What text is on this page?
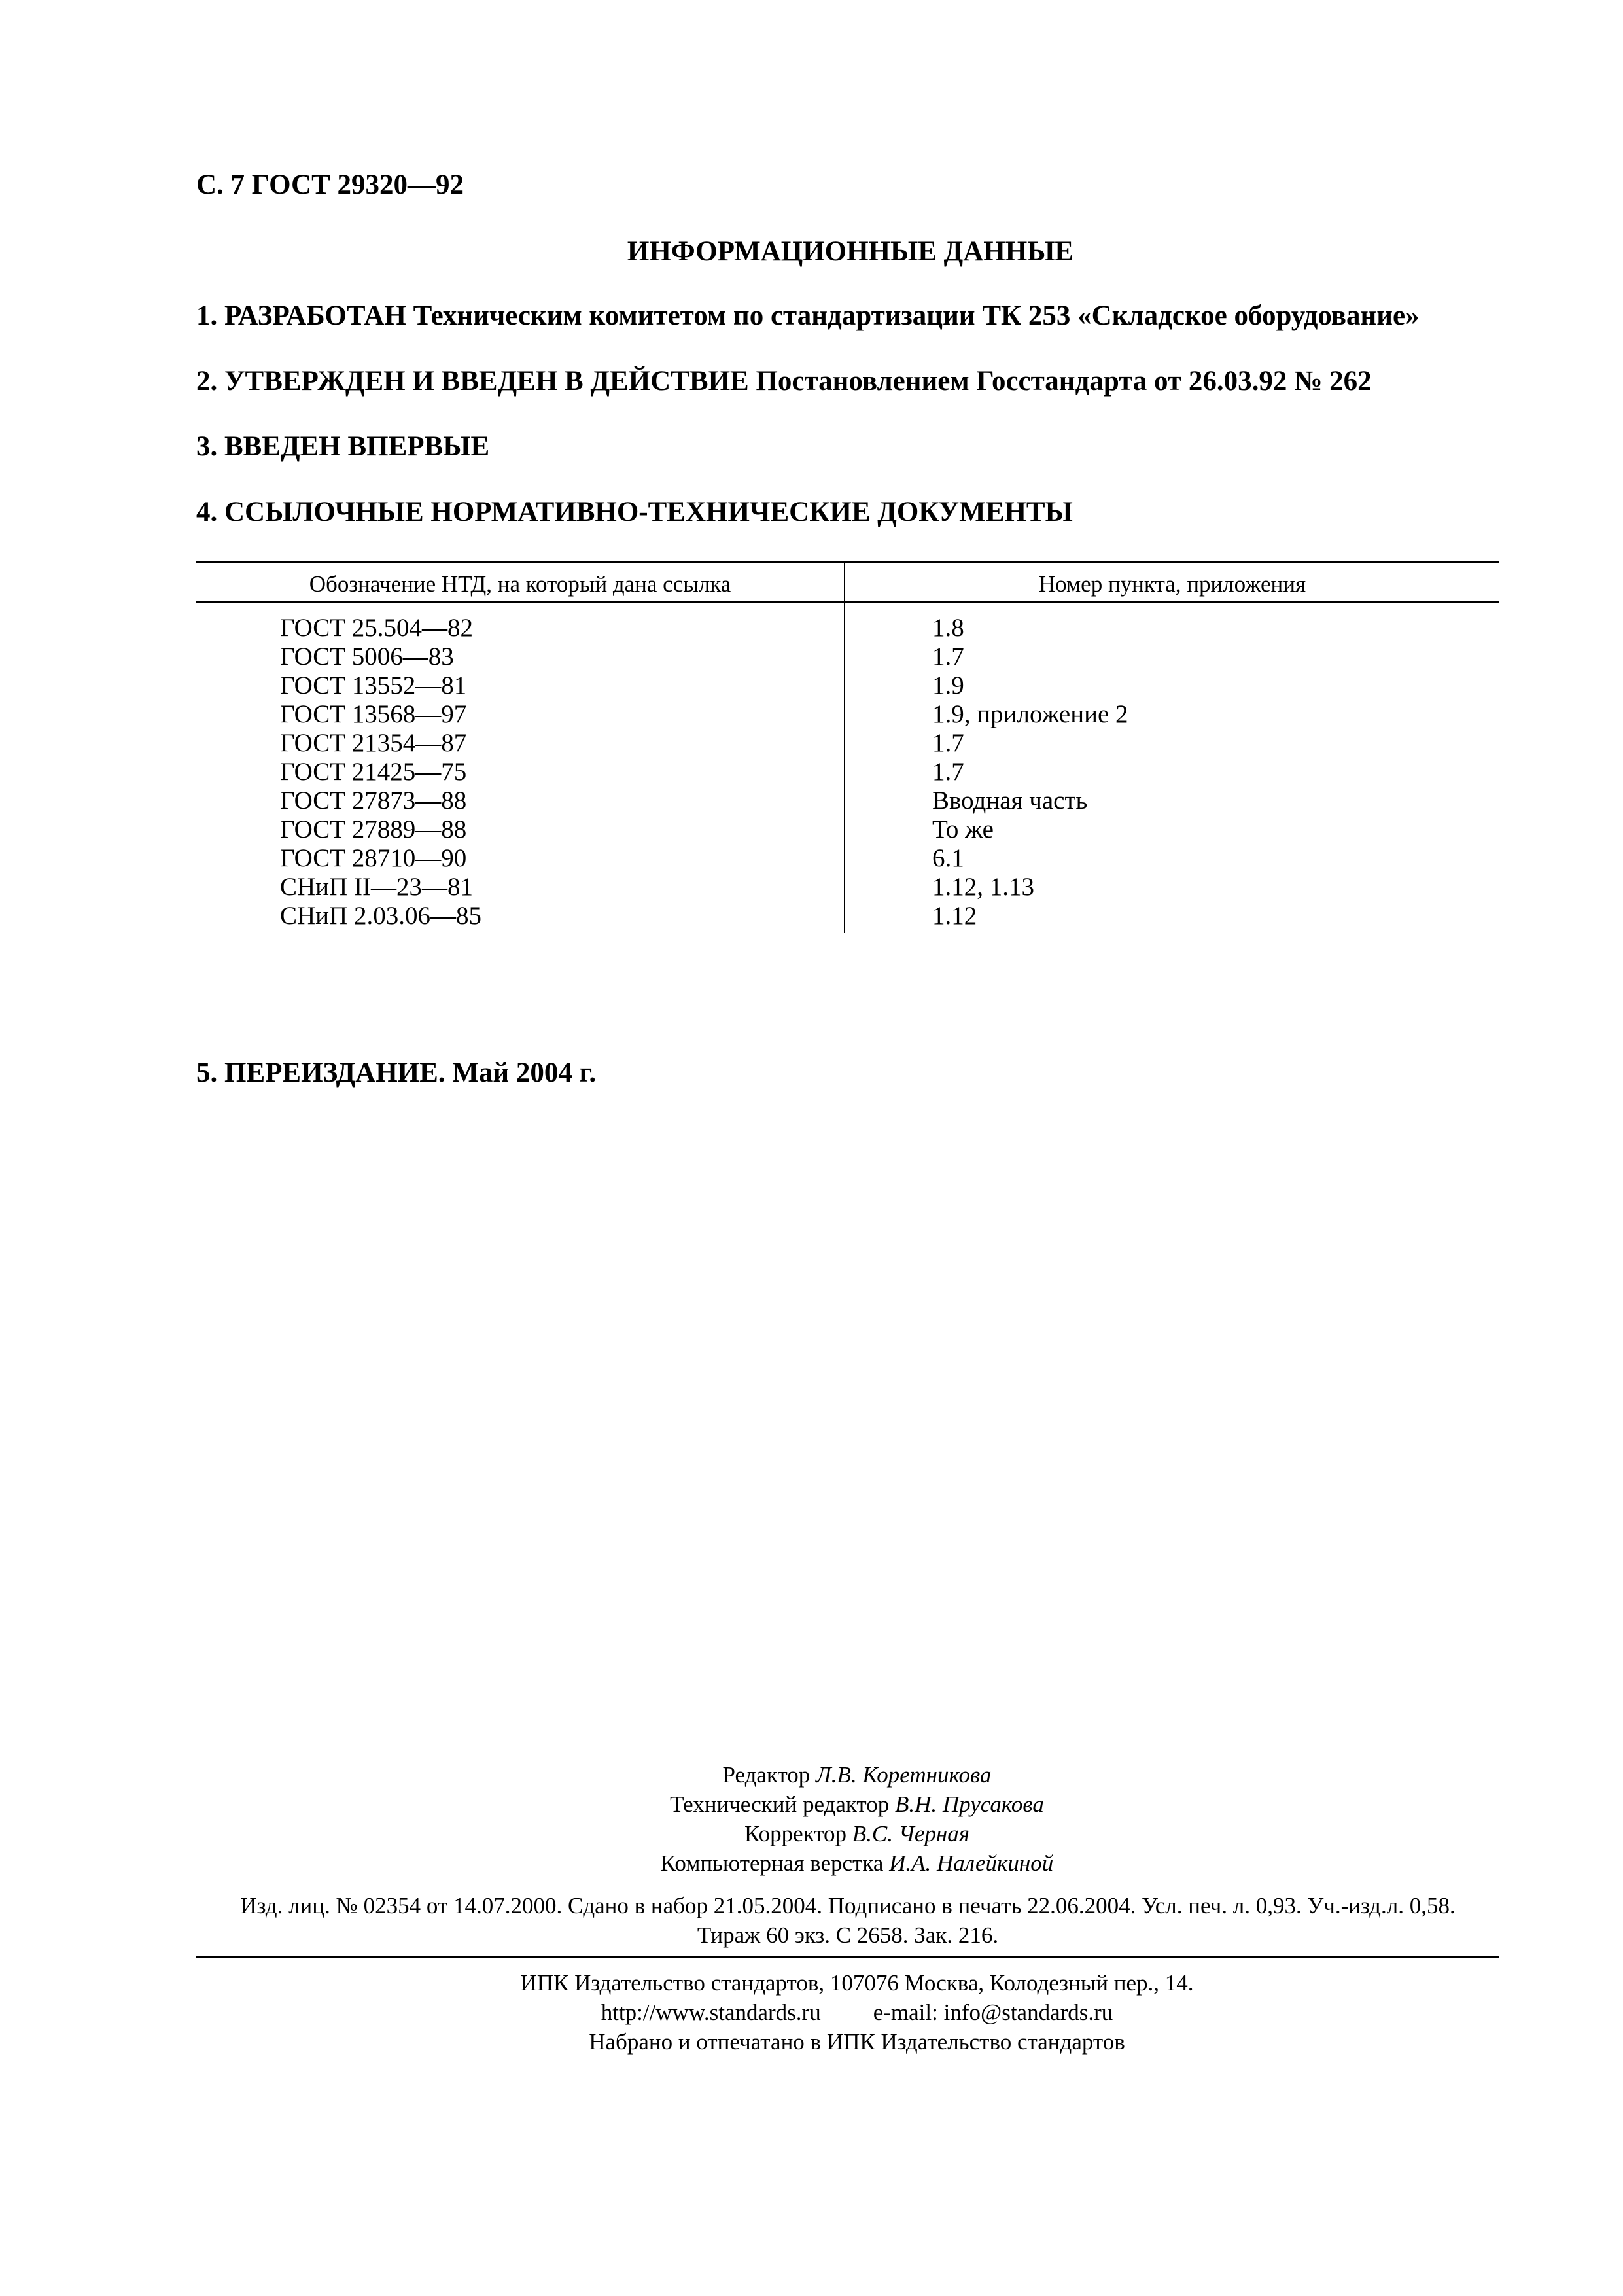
С. 7 ГОСТ 29320—92
ИНФОРМАЦИОННЫЕ ДАННЫЕ
1. РАЗРАБОТАН Техническим комитетом по стандартизации ТК 253 «Складское оборудование»
2. УТВЕРЖДЕН И ВВЕДЕН В ДЕЙСТВИЕ Постановлением Госстандарта от 26.03.92 № 262
3. ВВЕДЕН ВПЕРВЫЕ
4. ССЫЛОЧНЫЕ НОРМАТИВНО-ТЕХНИЧЕСКИЕ ДОКУМЕНТЫ
Обозначение НТД, на который дана ссылка	Номер пункта, приложения
ГОСТ 25.504—82
ГОСТ 5006—83
ГОСТ 13552—81
ГОСТ 13568—97
ГОСТ 21354—87
ГОСТ 21425—75
ГОСТ 27873—88
ГОСТ 27889—88
ГОСТ 28710—90
СНиП II—23—81
СНиП 2.03.06—85
1.8
1.7
1.9
1.9, приложение 2
1.7
1.7
Вводная часть
То же
6.1
1.12, 1.13
1.12
5. ПЕРЕИЗДАНИЕ. Май 2004 г.
Редактор Л.В. Коретникова
Технический редактор В.Н. Прусакова
Корректор В.С. Черная
Компьютерная верстка И.А. Налейкиной
Изд. лиц. № 02354 от 14.07.2000. Сдано в набор 21.05.2004. Подписано в печать 22.06.2004. Усл. печ. л. 0,93. Уч.-изд.л. 0,58.
Тираж 60 экз. С 2658. Зак. 216.
ИПК Издательство стандартов, 107076 Москва, Колодезный пер., 14.
http://www.standards.ru e-mail: info@standards.ru
Набрано и отпечатано в ИПК Издательство стандартов
